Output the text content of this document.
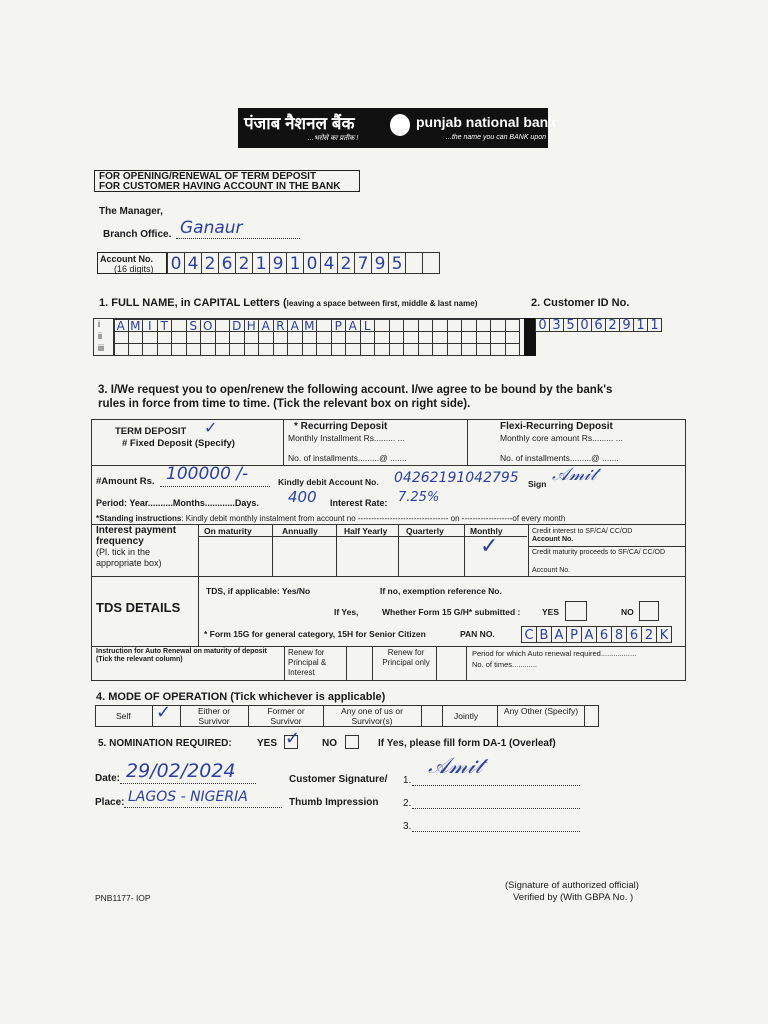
पंजाब नैशनल बैंक
...भरोसे का प्रतीक !
punjab national bank
...the name you can BANK upon !
FOR OPENING/RENEWAL OF TERM DEPOSIT
FOR CUSTOMER HAVING ACCOUNT IN THE BANK
The Manager,
Branch Office. Ganaur
Account No.
(16 digits)	0 4 2 6 2 1 9 1 0 4 2 7 9 5
1. FULL NAME, in CAPITAL Letters (leaving a space between first, middle & last name)	2. Customer ID No.
i
ii
iii
A M I T	S O D H A R A M	P A L	0 3 5 0 6 2 9 1 1
3. I/We request you to open/renew the following account. I/we agree to be bound by the bank's
rules in force from time to time. (Tick the relevant box on right side).
TERM DEPOSIT ✓
# Fixed Deposit (Specify)
* Recurring Deposit
Monthly Installment Rs......... ...
No. of installments.........@ .......
Flexi-Recurring Deposit
Monthly core amount Rs......... ...
No. of installments.........@ .......
#Amount Rs. 100000 /-	Kindly debit Account No. 04262191042795 Sign 𝒜𝓂𝒾𝓉
Period: Year..........Months............Days. 400 Interest Rate: 7.25%
*Standing instructions: Kindly debit monthly instalment from account no ---------------------------------- on -------------------of every month
Interest payment frequency
(Pl. tick in the appropriate box)
On maturity	Annually	Half Yearly Quarterly	Monthly
✓
Credit interest to SF/CA/ CC/OD
Account No.
Credit maturity proceeds to SF/CA/ CC/OD
Account No.
TDS DETAILS
TDS, if applicable: Yes/No	If no, exemption reference No.
If Yes,	Whether Form 15 G/H* submitted :	YES	NO
* Form 15G for general category, 15H for Senior Citizen	PAN NO. C B A P A 6 8 6 2 K
Instruction for Auto Renewal on maturity of deposit (Tick the relevant column)
Renew for Principal & Interest
Renew for Principal only
Period for which Auto renewal required.................
No. of times............
4. MODE OF OPERATION (Tick whichever is applicable)
Self ✓	Either or Survivor
Former or Survivor
Any one of us or Survivor(s)	Jointly	Any Other (Specify)
5. NOMINATION REQUIRED:	YES ✓ NO	If Yes, please fill form DA-1 (Overleaf)
Date: 29/02/2024
Place: LAGOS - NIGERIA
Customer Signature/
Thumb Impression
1.
𝒜𝓂𝒾𝓉
2.
3.
PNB1177- IOP
(Signature of authorized official)
Verified by (With GBPA No. )
